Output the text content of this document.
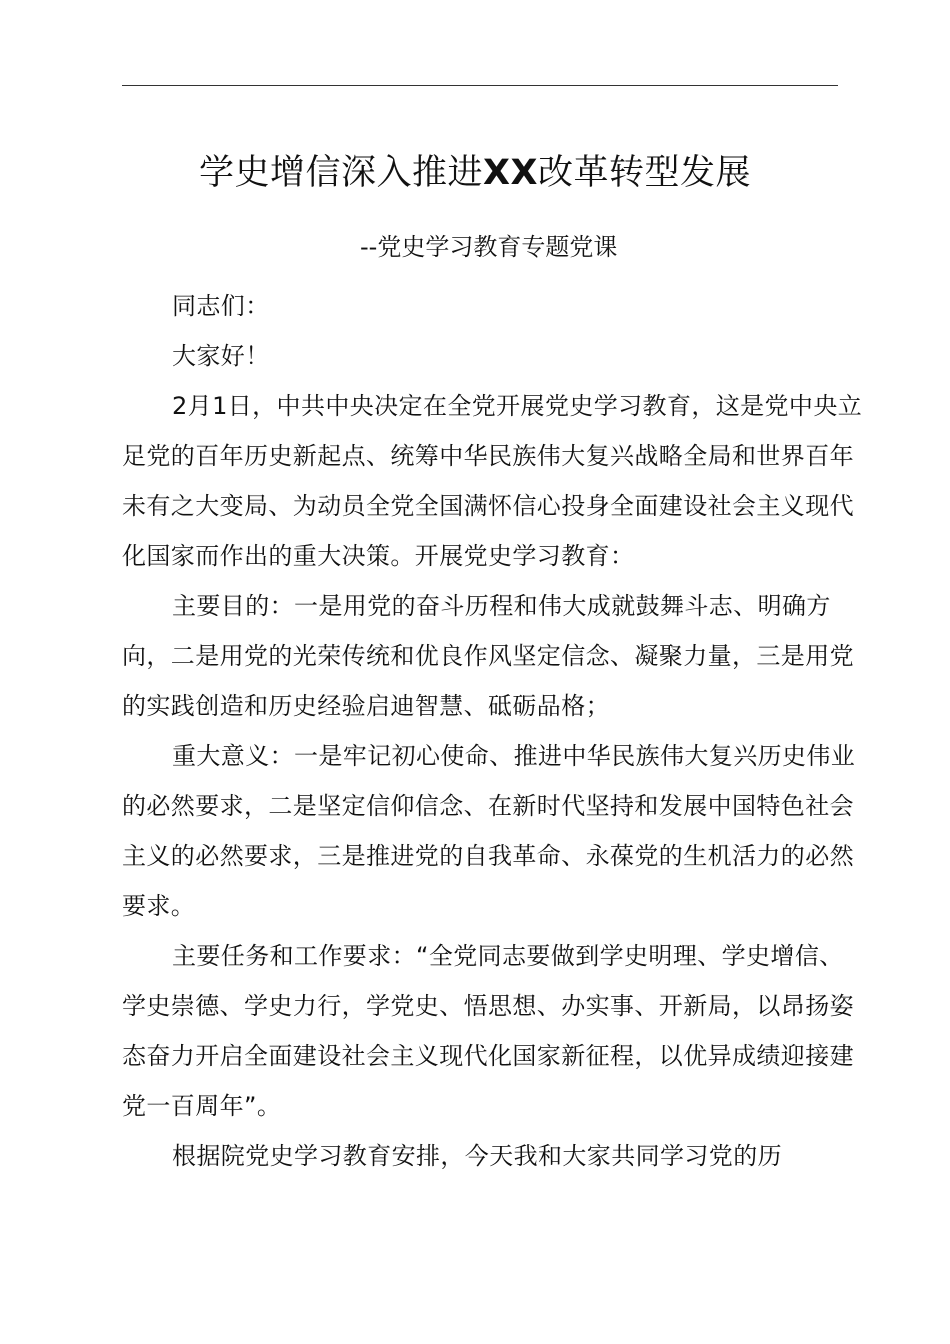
学史增信深入推进XX改革转型发展

--党史学习教育专题党课

同志们：

大家好！

2月1日，中共中央决定在全党开展党史学习教育，这是党中央立足党的百年历史新起点、统筹中华民族伟大复兴战略全局和世界百年未有之大变局、为动员全党全国满怀信心投身全面建设社会主义现代化国家而作出的重大决策。开展党史学习教育：

主要目的：一是用党的奋斗历程和伟大成就鼓舞斗志、明确方向，二是用党的光荣传统和优良作风坚定信念、凝聚力量，三是用党的实践创造和历史经验启迪智慧、砥砺品格；

重大意义：一是牢记初心使命、推进中华民族伟大复兴历史伟业的必然要求，二是坚定信仰信念、在新时代坚持和发展中国特色社会主义的必然要求，三是推进党的自我革命、永葆党的生机活力的必然要求。

主要任务和工作要求：“全党同志要做到学史明理、学史增信、学史崇德、学史力行，学党史、悟思想、办实事、开新局，以昂扬姿态奋力开启全面建设社会主义现代化国家新征程，以优异成绩迎接建党一百周年”。

根据院党史学习教育安排，今天我和大家共同学习党的历
